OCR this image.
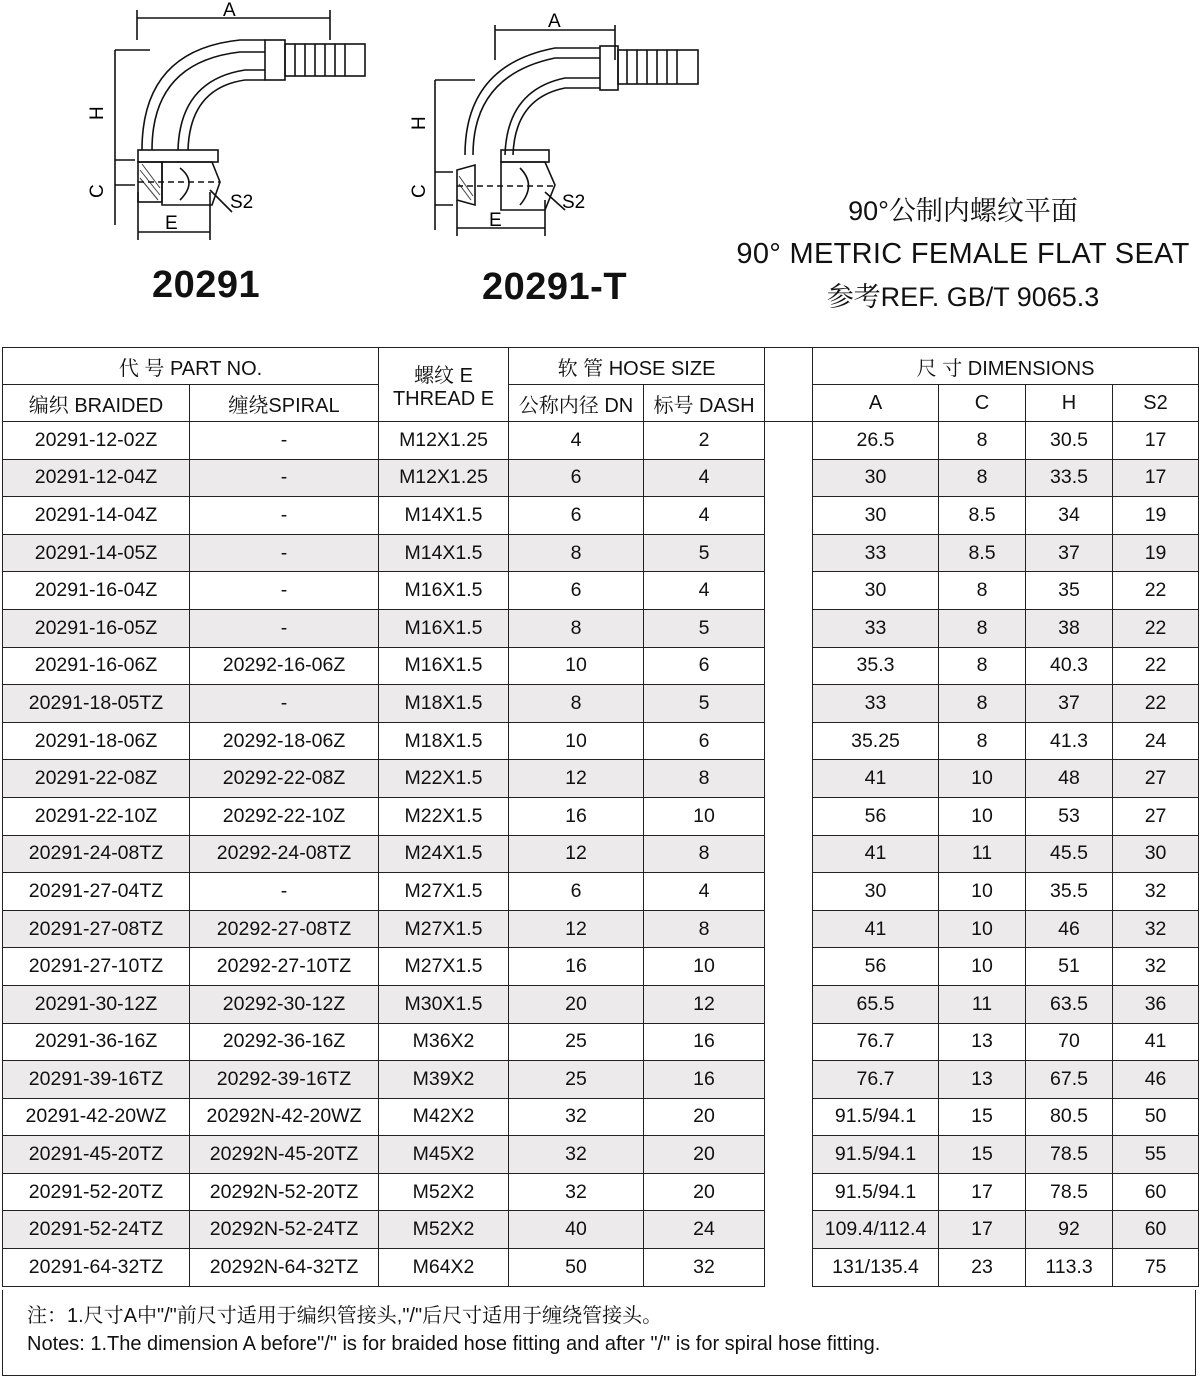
A
H
C
E
S2
20291
A
H
C
E
S2
20291-T
90°公制内螺纹平面
90° METRIC FEMALE FLAT SEAT
参考REF. GB/T 9065.3
代 号 PART NO.		螺纹 E
THREAD E	软 管 HOSE SIZE			尺 寸 DIMENSIONS			
编织 BRAIDED	缠绕SPIRAL		公称内径 DN	标号 DASH		A	C	H	S2
20291-12-02Z	-	M12X1.25	4	2		26.5	8	30.5	17
20291-12-04Z	-	M12X1.25	6	4		30	8	33.5	17
20291-14-04Z	-	M14X1.5	6	4		30	8.5	34	19
20291-14-05Z	-	M14X1.5	8	5		33	8.5	37	19
20291-16-04Z	-	M16X1.5	6	4		30	8	35	22
20291-16-05Z	-	M16X1.5	8	5		33	8	38	22
20291-16-06Z	20292-16-06Z	M16X1.5	10	6		35.3	8	40.3	22
20291-18-05TZ	-	M18X1.5	8	5		33	8	37	22
20291-18-06Z	20292-18-06Z	M18X1.5	10	6		35.25	8	41.3	24
20291-22-08Z	20292-22-08Z	M22X1.5	12	8		41	10	48	27
20291-22-10Z	20292-22-10Z	M22X1.5	16	10		56	10	53	27
20291-24-08TZ	20292-24-08TZ	M24X1.5	12	8		41	11	45.5	30
20291-27-04TZ	-	M27X1.5	6	4		30	10	35.5	32
20291-27-08TZ	20292-27-08TZ	M27X1.5	12	8		41	10	46	32
20291-27-10TZ	20292-27-10TZ	M27X1.5	16	10		56	10	51	32
20291-30-12Z	20292-30-12Z	M30X1.5	20	12		65.5	11	63.5	36
20291-36-16Z	20292-36-16Z	M36X2	25	16		76.7	13	70	41
20291-39-16TZ	20292-39-16TZ	M39X2	25	16		76.7	13	67.5	46
20291-42-20WZ	20292N-42-20WZ	M42X2	32	20		91.5/94.1	15	80.5	50
20291-45-20TZ	20292N-45-20TZ	M45X2	32	20		91.5/94.1	15	78.5	55
20291-52-20TZ	20292N-52-20TZ	M52X2	32	20		91.5/94.1	17	78.5	60
20291-52-24TZ	20292N-52-24TZ	M52X2	40	24		109.4/112.4	17	92	60
20291-64-32TZ	20292N-64-32TZ	M64X2	50	32		131/135.4	23	113.3	75
注：1.尺寸A中"/"前尺寸适用于编织管接头,"/"后尺寸适用于缠绕管接头。
Notes: 1.The dimension A before"/" is for braided hose fitting and after "/" is for spiral hose fitting.
